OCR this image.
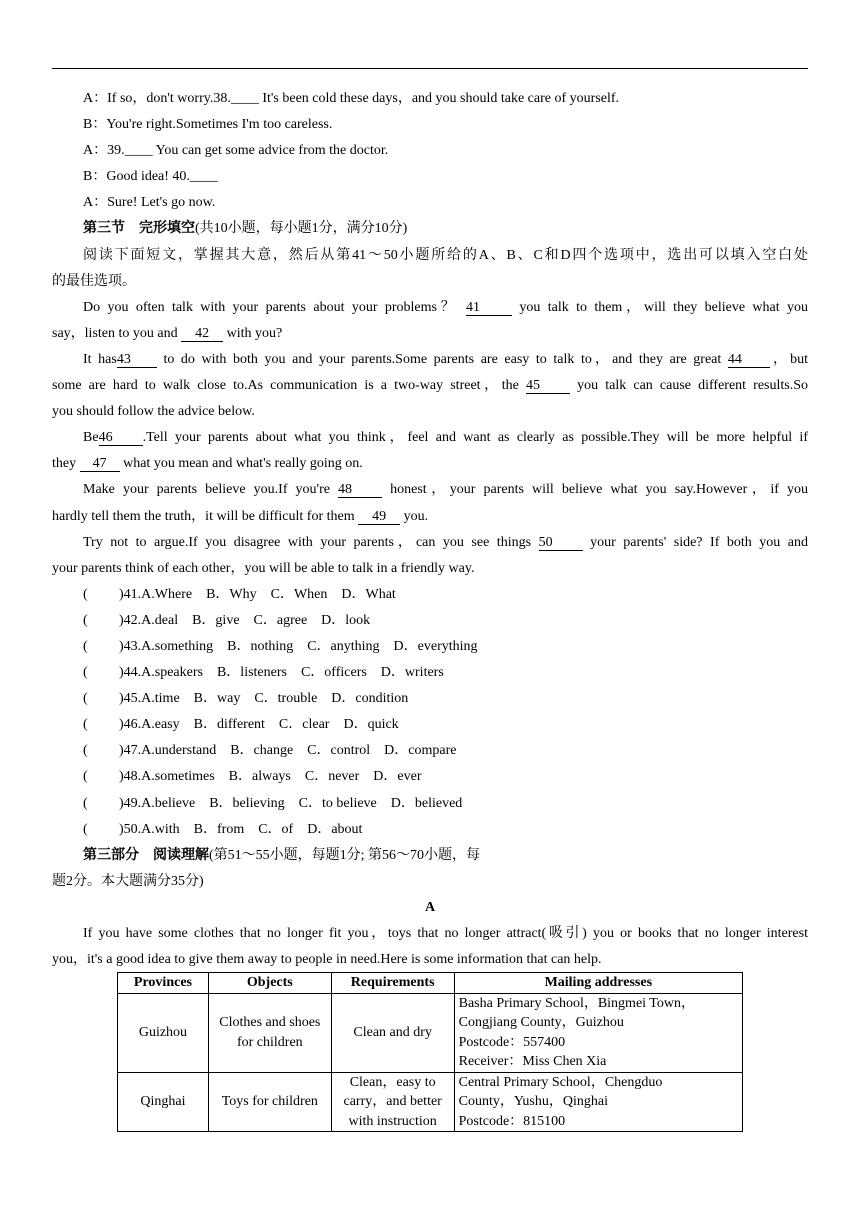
A：If so，don't worry.38.____ It's been cold these days，and you should take care of yourself.
B：You're right.Sometimes I'm too careless.
A：39.____ You can get some advice from the doctor.
B：Good idea! 40.____
A：Sure! Let's go now.
第三节　完形填空(共10小题，每小题1分，满分10分)
阅读下面短文，掌握其大意，然后从第41～50小题所给的A、B、C和D四个选项中，选出可以填入空白处
的最佳选项。
Do you often talk with your parents about your problems？ 41	you talk to them，will they believe what you
say，listen to you and 42 with you?
It has43 to do with both you and your parents.Some parents are easy to talk to，and they are great 44 ，but
some are hard to walk close to.As communication is a two-way street，the 45	you talk can cause different results.So
you should follow the advice below.
Be46 .Tell your parents about what you think，feel and want as clearly as possible.They will be more helpful if
they 47 what you mean and what's really going on.
Make your parents believe you.If you're 48	honest，your parents will believe what you say.However，if you
hardly tell them the truth，it will be difficult for them 49 you.
Try not to argue.If you disagree with your parents，can you see things 50	your parents' side? If both you and
your parents think of each other，you will be able to talk in a friendly way.
( )41.A.Where　B．Why　C．When　D．What
( )42.A.deal　B．give　C．agree　D．look
( )43.A.something　B．nothing　C．anything　D．everything
( )44.A.speakers　B．listeners　C．officers　D．writers
( )45.A.time　B．way　C．trouble　D．condition
( )46.A.easy　B．different　C．clear　D．quick
( )47.A.understand　B．change　C．control　D．compare
( )48.A.sometimes　B．always　C．never　D．ever
( )49.A.believe　B．believing　C．to believe　D．believed
( )50.A.with　B．from　C．of　D．about
第三部分　阅读理解(第51～55小题，每题1分; 第56～70小题，每
题2分。本大题满分35分)
A
If you have some clothes that no longer fit you，toys that no longer attract(吸引) you or books that no longer interest
you，it's a good idea to give them away to people in need.Here is some information that can help.
Provinces	Objects	Requirements	Mailing addresses
Guizhou	Clothes and shoes for children	Clean and dry	Basha Primary School，Bingmei Town，
Congjiang County，Guizhou
Postcode：557400
Receiver：Miss Chen Xia

Qinghai	Toys for children	Clean，easy to carry，and better with instruction	Central Primary School，Chengduo
County，Yushu，Qinghai
Postcode：815100
